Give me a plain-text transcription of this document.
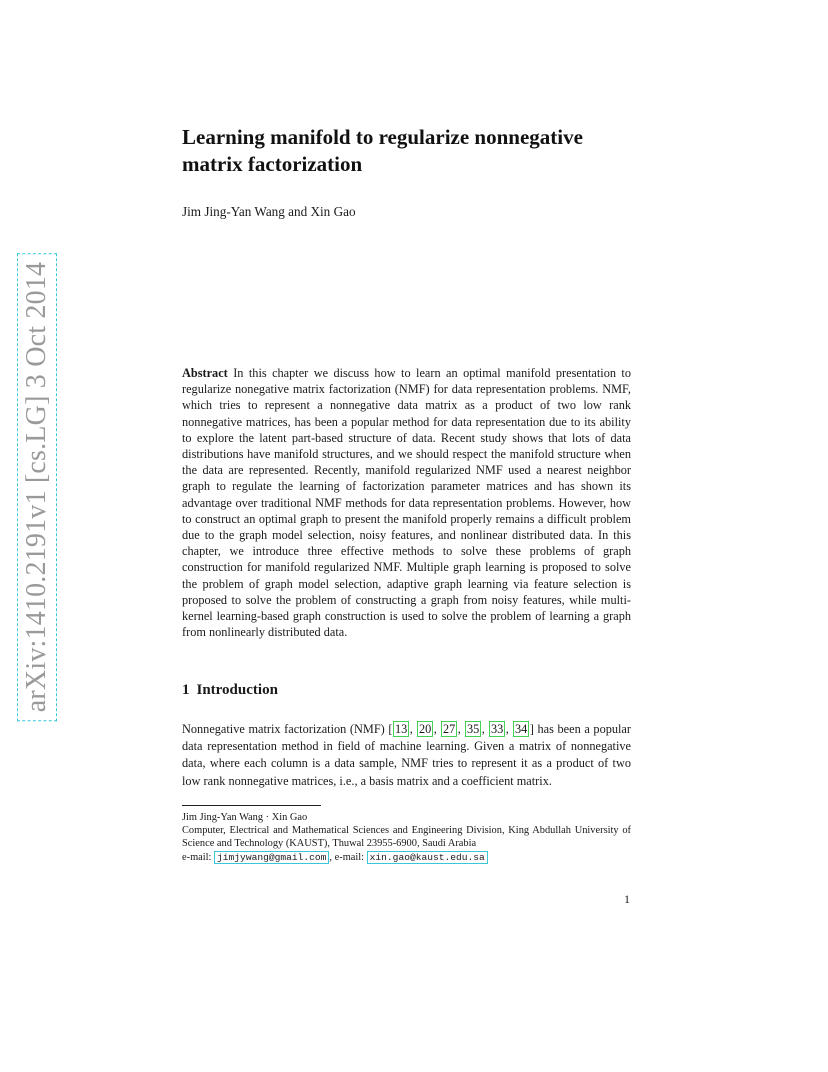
arXiv:1410.2191v1 [cs.LG] 3 Oct 2014
Learning manifold to regularize nonnegative matrix factorization

Jim Jing-Yan Wang and Xin Gao

Abstract In this chapter we discuss how to learn an optimal manifold presentation to regularize nonegative matrix factorization (NMF) for data representation problems. NMF, which tries to represent a nonnegative data matrix as a product of two low rank nonnegative matrices, has been a popular method for data representation due to its ability to explore the latent part-based structure of data. Recent study shows that lots of data distributions have manifold structures, and we should respect the manifold structure when the data are represented. Recently, manifold regularized NMF used a nearest neighbor graph to regulate the learning of factorization parameter matrices and has shown its advantage over traditional NMF methods for data representation problems. However, how to construct an optimal graph to present the manifold properly remains a difficult problem due to the graph model selection, noisy features, and nonlinear distributed data. In this chapter, we introduce three effective methods to solve these problems of graph construction for manifold regularized NMF. Multiple graph learning is proposed to solve the problem of graph model selection, adaptive graph learning via feature selection is proposed to solve the problem of constructing a graph from noisy features, while multi-kernel learning-based graph construction is used to solve the problem of learning a graph from nonlinearly distributed data.

1 Introduction

Nonnegative matrix factorization (NMF) [ 13 , 20 , 27 , 35 , 33 , 34 ] has been a popular data representation method in field of machine learning. Given a matrix of nonnegative data, where each column is a data sample, NMF tries to represent it as a product of two low rank nonnegative matrices, i.e., a basis matrix and a coefficient matrix.

Jim Jing-Yan Wang · Xin Gao
Computer, Electrical and Mathematical Sciences and Engineering Division, King Abdullah University of Science and Technology (KAUST), Thuwal 23955-6900, Saudi Arabia
e-mail: jimjywang@gmail.com , e-mail: xin.gao@kaust.edu.sa

1
